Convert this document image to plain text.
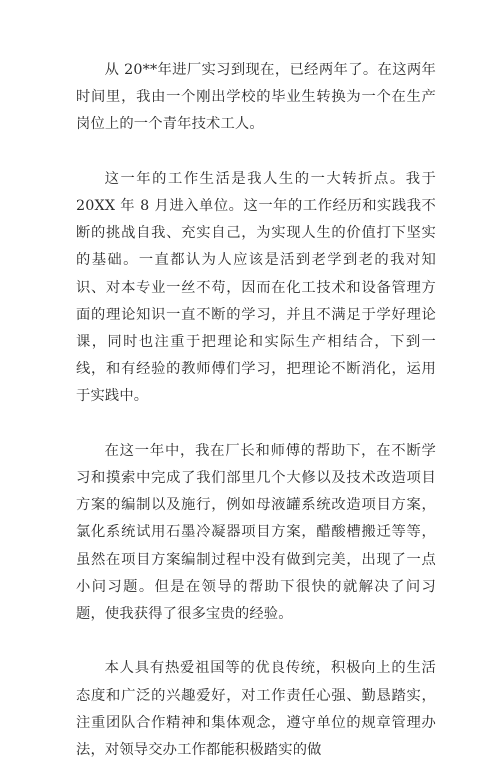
从 20**年进厂实习到现在，已经两年了。在这两年时间里，我由一个刚出学校的毕业生转换为一个在生产岗位上的一个青年技术工人。

这一年的工作生活是我人生的一大转折点。我于 20XX 年 8 月进入单位。这一年的工作经历和实践我不断的挑战自我、充实自己，为实现人生的价值打下坚实的基础。一直都认为人应该是活到老学到老的我对知识、对本专业一丝不苟，因而在化工技术和设备管理方面的理论知识一直不断的学习，并且不满足于学好理论课，同时也注重于把理论和实际生产相结合，下到一线，和有经验的教师傅们学习，把理论不断消化，运用于实践中。

在这一年中，我在厂长和师傅的帮助下，在不断学习和摸索中完成了我们部里几个大修以及技术改造项目方案的编制以及施行，例如母液罐系统改造项目方案，氯化系统试用石墨冷凝器项目方案，醋酸槽搬迁等等，虽然在项目方案编制过程中没有做到完美，出现了一点小问习题。但是在领导的帮助下很快的就解决了问习题，使我获得了很多宝贵的经验。

本人具有热爱祖国等的优良传统，积极向上的生活态度和广泛的兴趣爱好，对工作责任心强、勤恳踏实，注重团队合作精神和集体观念，遵守单位的规章管理办法，对领导交办工作都能积极踏实的做
